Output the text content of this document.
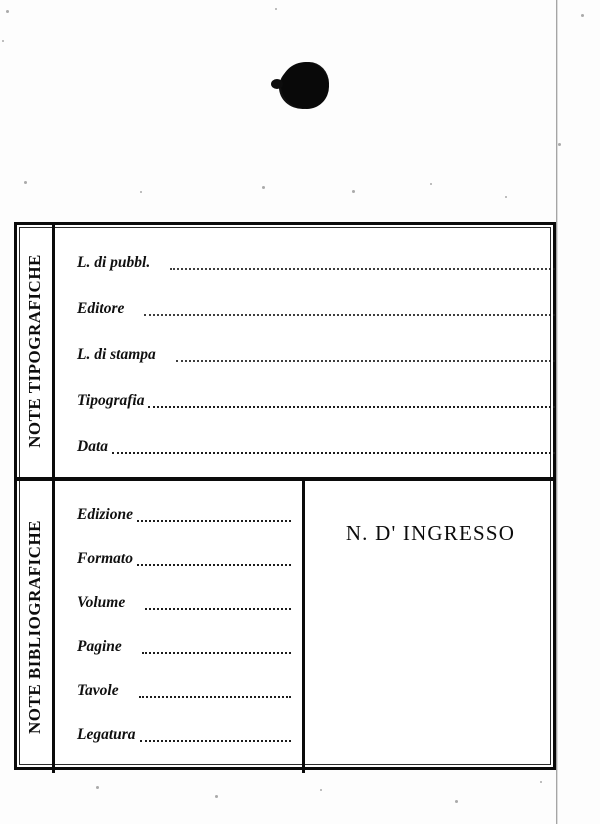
NOTE TIPOGRAFICHE L. di pubbl.
Editore
L. di stampa
Tipografia
Data
NOTE BIBLIOGRAFICHE
Edizione
Formato
Volume
Pagine
Tavole
Legatura
N. D' INGRESSO
